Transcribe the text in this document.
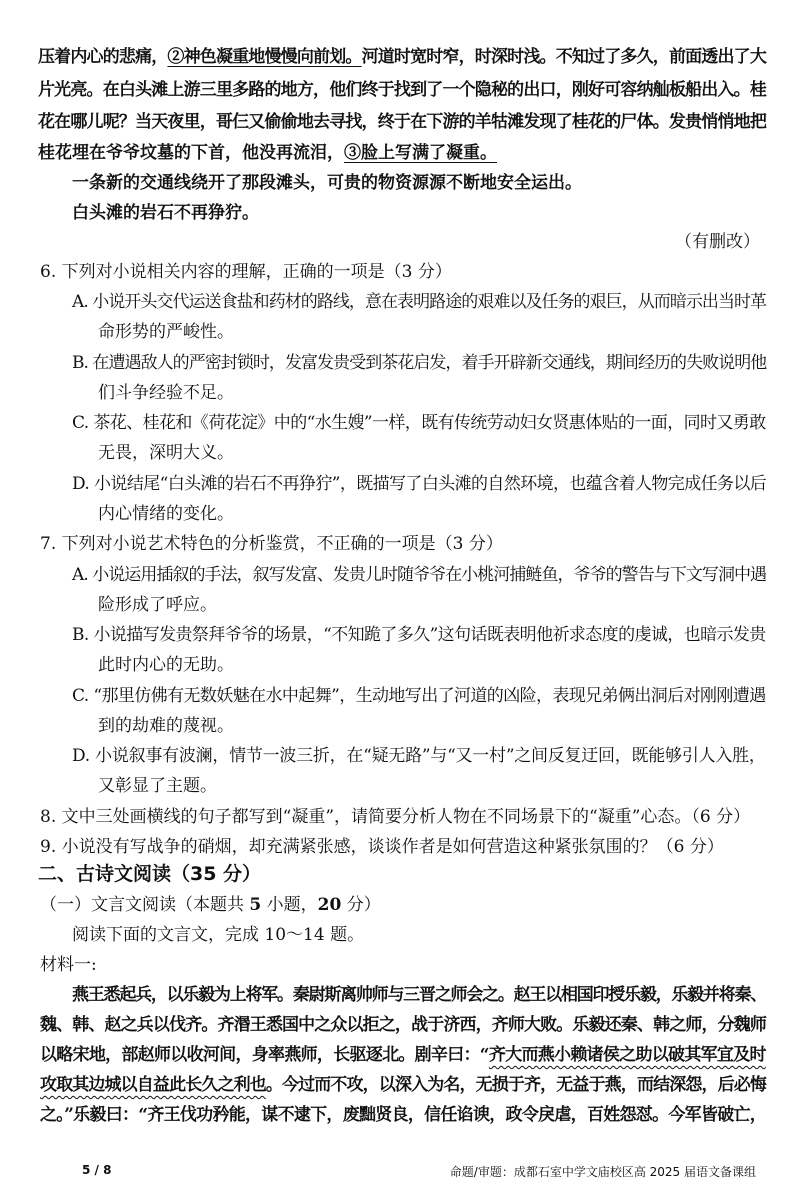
压着内心的悲痛，②神色凝重地慢慢向前划。河道时宽时窄，时深时浅。不知过了多久，前面透出了大
片光亮。在白头滩上游三里多路的地方，他们终于找到了一个隐秘的出口，刚好可容纳舢板船出入。桂
花在哪儿呢？当天夜里，哥仨又偷偷地去寻找，终于在下游的羊牯滩发现了桂花的尸体。发贵悄悄地把
桂花埋在爷爷坟墓的下首，他没再流泪，③脸上写满了凝重。
一条新的交通线绕开了那段滩头，可贵的物资源源不断地安全运出。
白头滩的岩石不再狰狞。
（有删改）
6. 下列对小说相关内容的理解，正确的一项是（3 分）
A. 小说开头交代运送食盐和药材的路线，意在表明路途的艰难以及任务的艰巨，从而暗示出当时革
命形势的严峻性。
B. 在遭遇敌人的严密封锁时，发富发贵受到茶花启发，着手开辟新交通线，期间经历的失败说明他
们斗争经验不足。
C. 茶花、桂花和《荷花淀》中的“水生嫂”一样，既有传统劳动妇女贤惠体贴的一面，同时又勇敢
无畏，深明大义。
D. 小说结尾“白头滩的岩石不再狰狞”，既描写了白头滩的自然环境，也蕴含着人物完成任务以后
内心情绪的变化。
7. 下列对小说艺术特色的分析鉴赏，不正确的一项是（3 分）
A. 小说运用插叙的手法，叙写发富、发贵儿时随爷爷在小桃河捕鲢鱼，爷爷的警告与下文写洞中遇
险形成了呼应。
B. 小说描写发贵祭拜爷爷的场景，“不知跪了多久”这句话既表明他祈求态度的虔诚，也暗示发贵
此时内心的无助。
C. “那里仿佛有无数妖魅在水中起舞”，生动地写出了河道的凶险，表现兄弟俩出洞后对刚刚遭遇
到的劫难的蔑视。
D. 小说叙事有波澜，情节一波三折，在“疑无路”与“又一村”之间反复迂回，既能够引人入胜，
又彰显了主题。
8. 文中三处画横线的句子都写到“凝重”，请简要分析人物在不同场景下的“凝重”心态。（6 分）
9. 小说没有写战争的硝烟，却充满紧张感，谈谈作者是如何营造这种紧张氛围的？（6 分）
二、古诗文阅读（35 分）
（一）文言文阅读（本题共 5 小题，20 分）
阅读下面的文言文，完成 10～14 题。
材料一:
燕王悉起兵，以乐毅为上将军。秦尉斯离帅师与三晋之师会之。赵王以相国印授乐毅，乐毅并将秦、
魏、韩、赵之兵以伐齐。齐湣王悉国中之众以拒之，战于济西，齐师大败。乐毅还秦、韩之师，分魏师
以略宋地，部赵师以收河间，身率燕师，长驱逐北。剧辛曰：“齐大而燕小赖诸侯之助以破其军宜及时
攻取其边城以自益此长久之利也。今过而不攻，以深入为名，无损于齐，无益于燕，而结深怨，后必悔
之。”乐毅曰：“齐王伐功矜能，谋不逮下，废黜贤良，信任谄谀，政令戾虐，百姓怨怼。今军皆破亡，
5 / 8	命题/审题：成都石室中学文庙校区高 2025 届语文备课组
